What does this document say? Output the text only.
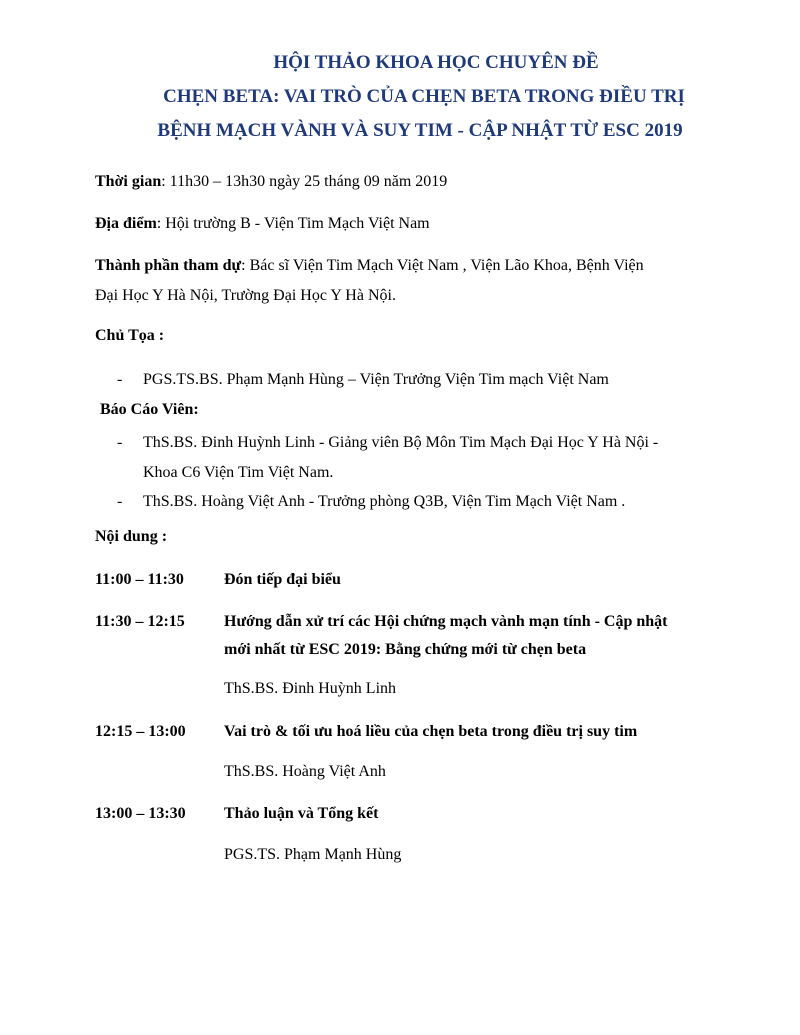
HỘI THẢO KHOA HỌC CHUYÊN ĐỀ
CHẸN BETA: VAI TRÒ CỦA CHẸN BETA TRONG ĐIỀU TRỊ
BỆNH MẠCH VÀNH VÀ SUY TIM - CẬP NHẬT TỪ ESC 2019
Thời gian: 11h30 – 13h30 ngày 25 tháng 09 năm 2019
Địa điểm: Hội trường B - Viện Tim Mạch Việt Nam
Thành phần tham dự: Bác sĩ Viện Tim Mạch Việt Nam , Viện Lão Khoa, Bệnh Viện
Đại Học Y Hà Nội, Trường Đại Học Y Hà Nội.
Chủ Tọa :
- PGS.TS.BS. Phạm Mạnh Hùng – Viện Trưởng Viện Tim mạch Việt Nam
Báo Cáo Viên:
- ThS.BS. Đinh Huỳnh Linh - Giảng viên Bộ Môn Tim Mạch Đại Học Y Hà Nội -
Khoa C6 Viện Tim Việt Nam.
- ThS.BS. Hoàng Việt Anh - Trưởng phòng Q3B, Viện Tim Mạch Việt Nam .
Nội dung :
11:00 – 11:30	Đón tiếp đại biểu
11:30 – 12:15 Hướng dẫn xử trí các Hội chứng mạch vành mạn tính - Cập nhật
mới nhất từ ESC 2019: Bằng chứng mới từ chẹn beta
ThS.BS. Đinh Huỳnh Linh
12:15 – 13:00 Vai trò & tối ưu hoá liều của chẹn beta trong điều trị suy tim
ThS.BS. Hoàng Việt Anh
13:00 – 13:30 Thảo luận và Tổng kết
PGS.TS. Phạm Mạnh Hùng
